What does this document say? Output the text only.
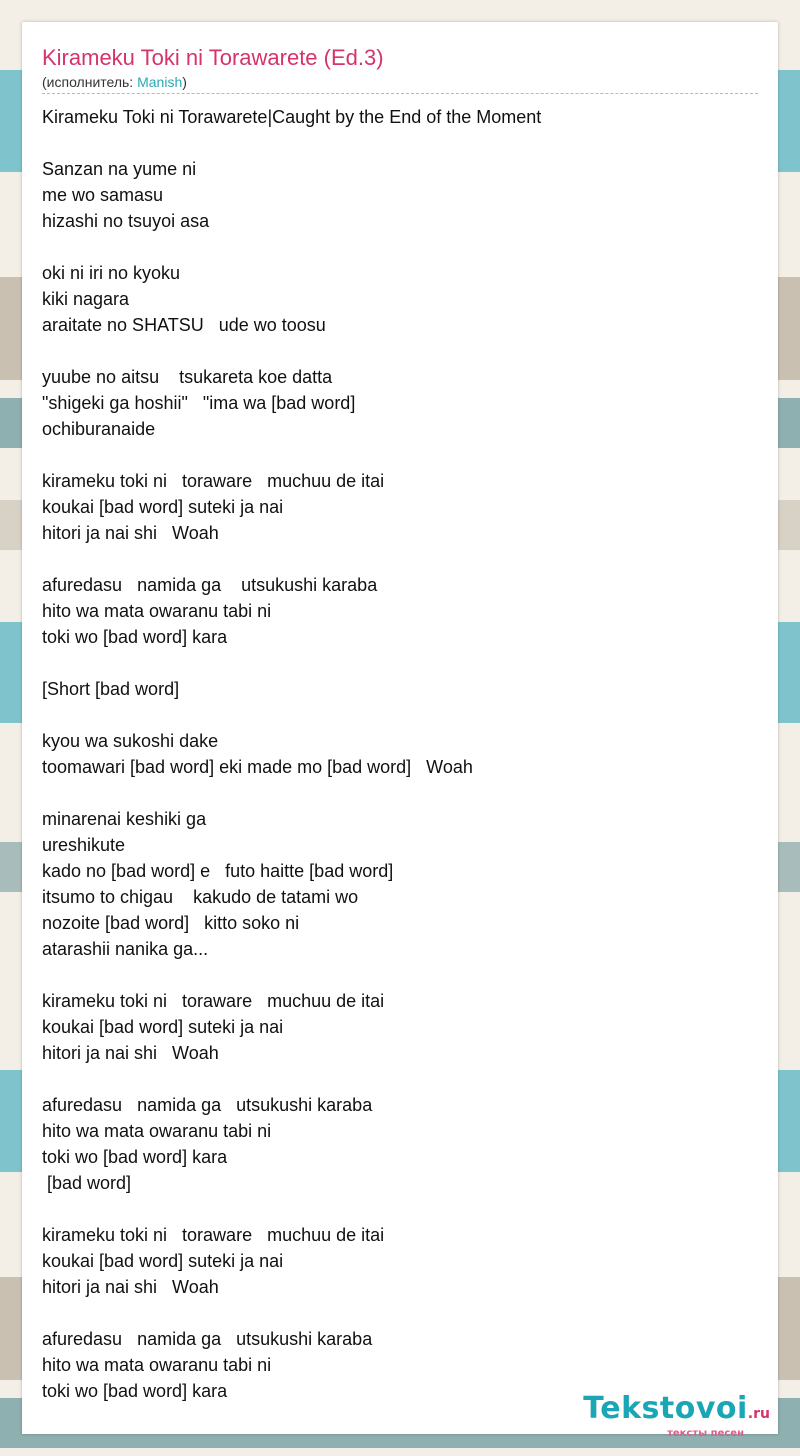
Kirameku Toki ni Torawarete (Ed.3)
(исполнитель: Manish)
Kirameku Toki ni Torawarete|Caught by the End of the Moment

Sanzan na yume ni
me wo samasu
hizashi no tsuyoi asa

oki ni iri no kyoku
kiki nagara
araitate no SHATSU   ude wo toosu

yuube no aitsu    tsukareta koe datta
"shigeki ga hoshii"   "ima wa [bad word]
ochiburanaide

kirameku toki ni   toraware   muchuu de itai
koukai [bad word] suteki ja nai
hitori ja nai shi   Woah

afuredasu   namida ga    utsukushi karaba
hito wa mata owaranu tabi ni
toki wo [bad word] kara

[Short [bad word]

kyou wa sukoshi dake
toomawari [bad word] eki made mo [bad word]   Woah

minarenai keshiki ga
ureshikute
kado no [bad word] e   futo haitte [bad word]
itsumo to chigau    kakudo de tatami wo
nozoite [bad word]   kitto soko ni
atarashii nanika ga...

kirameku toki ni   toraware   muchuu de itai
koukai [bad word] suteki ja nai
hitori ja nai shi   Woah

afuredasu   namida ga   utsukushi karaba
hito wa mata owaranu tabi ni
toki wo [bad word] kara
[bad word]

kirameku toki ni   toraware   muchuu de itai
koukai [bad word] suteki ja nai
hitori ja nai shi   Woah

afuredasu   namida ga   utsukushi karaba
hito wa mata owaranu tabi ni
toki wo [bad word] kara	Tekstovoi.ru
тексты песен
